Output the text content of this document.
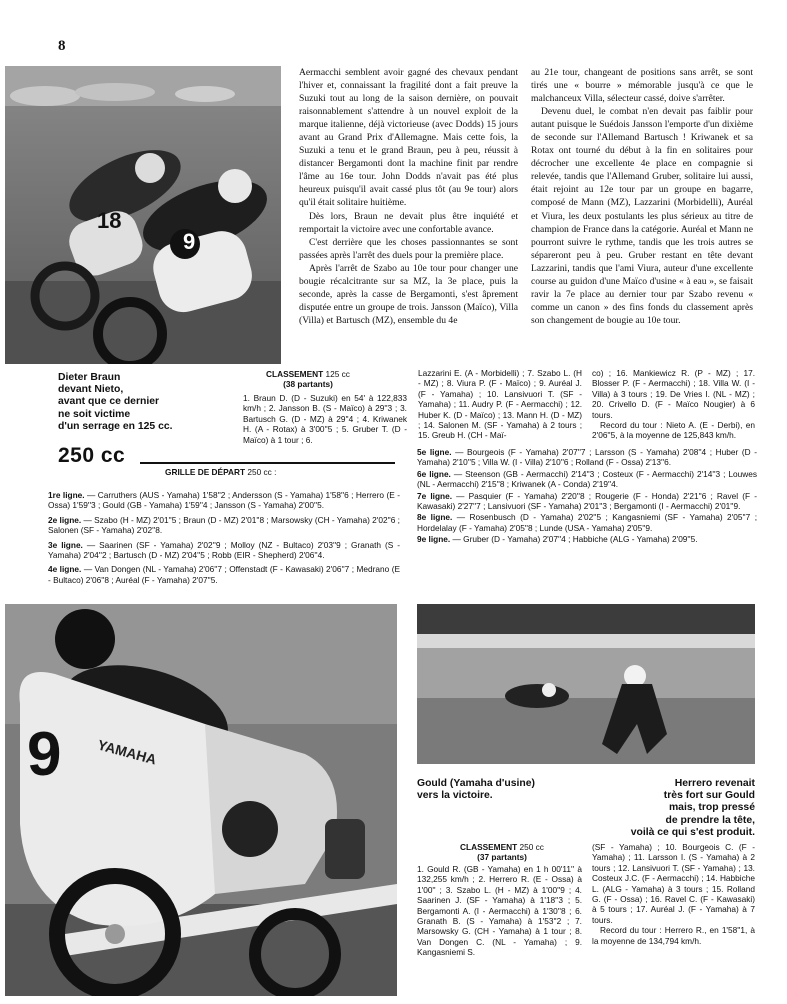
8
18
9

Aermacchi semblent avoir gagné des chevaux pendant l'hiver et, connaissant la fragilité dont a fait preuve la Suzuki tout au long de la saison dernière, on pouvait raisonnablement s'attendre à un nouvel exploit de la marque italienne, déjà victorieuse (avec Dodds) 15 jours avant au Grand Prix d'Allemagne. Mais cette fois, la Suzuki a tenu et le grand Braun, peu à peu, réussit à distancer Bergamonti dont la machine finit par rendre l'âme au 16e tour. John Dodds n'avait pas été plus heureux puisqu'il avait cassé plus tôt (au 9e tour) alors qu'il était solitaire huitième.

Dès lors, Braun ne devait plus être inquiété et remportait la victoire avec une confortable avance.

C'est derrière que les choses passionnantes se sont passées après l'arrêt des duels pour la première place.

Après l'arrêt de Szabo au 10e tour pour changer une bougie récalcitrante sur sa MZ, la 3e place, puis la seconde, après la casse de Bergamonti, s'est âprement disputée entre un groupe de trois. Jansson (Maïco), Villa (Villa) et Bartusch (MZ), ensemble du 4e

au 21e tour, changeant de positions sans arrêt, se sont tirés une « bourre » mémorable jusqu'à ce que le malchanceux Villa, sélecteur cassé, doive s'arrêter.

Devenu duel, le combat n'en devait pas faiblir pour autant puisque le Suédois Jansson l'emporte d'un dixième de seconde sur l'Allemand Bartusch ! Kriwanek et sa Rotax ont tourné du début à la fin en solitaires pour décrocher une excellente 4e place en compagnie si relevée, tandis que l'Allemand Gruber, solitaire lui aussi, était rejoint au 12e tour par un groupe en bagarre, composé de Mann (MZ), Lazzarini (Morbidelli), Auréal et Viura, les deux postulants les plus sérieux au titre de champion de France dans la catégorie. Auréal et Mann ne pourront suivre le rythme, tandis que les trois autres se sépareront peu à peu. Gruber restant en tête devant Lazzarini, tandis que l'ami Viura, auteur d'une excellente course au guidon d'une Maïco d'usine « à eau », se faisait ravir la 7e place au dernier tour par Szabo revenu « comme un canon » des fins fonds du classement après son changement de bougie au 10e tour.

Dieter Braun
devant Nieto,
avant que ce dernier
ne soit victime
d'un serrage en 125 cc.
CLASSEMENT 125 cc
(38 partants)
1. Braun D. (D - Suzuki) en 54' à 122,833 km/h ; 2. Jansson B. (S - Maïco) à 29''3 ; 3. Bartusch G. (D - MZ) à 29''4 ; 4. Kriwanek H. (A - Rotax) à 3'00''5 ; 5. Gruber T. (D - Maïco) à 1 tour ; 6.
Lazzarini E. (A - Morbidelli) ; 7. Szabo L. (H - MZ) ; 8. Viura P. (F - Maïco) ; 9. Auréal J. (F - Yamaha) ; 10. Lansivuori T. (SF - Yamaha) ; 11. Audry P. (F - Aermacchi) ; 12. Huber K. (D - Maïco) ; 13. Mann H. (D - MZ) ; 14. Salonen M. (SF - Yamaha) à 2 tours ; 15. Greub H. (CH - Maï-

co) ; 16. Mankiewicz R. (P - MZ) ; 17. Blosser P. (F - Aermacchi) ; 18. Villa W. (I - Villa) à 3 tours ; 19. De Vries I. (NL - MZ) ; 20. Crivello D. (F - Maïco Nougier) à 6 tours.

Record du tour : Nieto A. (E - Derbi), en 2'06''5, à la moyenne de 125,843 km/h.

250 cc
GRILLE DE DÉPART 250 cc :

1re ligne. — Carruthers (AUS - Yamaha) 1'58''2 ; Andersson (S - Yamaha) 1'58''6 ; Herrero (E - Ossa) 1'59''3 ; Gould (GB - Yamaha) 1'59''4 ; Jansson (S - Yamaha) 2'00''5.

2e ligne. — Szabo (H - MZ) 2'01''5 ; Braun (D - MZ) 2'01''8 ; Marsowsky (CH - Yamaha) 2'02''6 ; Salonen (SF - Yamaha) 2'02''8.

3e ligne. — Saarinen (SF - Yamaha) 2'02''9 ; Molloy (NZ - Bultaco) 2'03''9 ; Granath (S - Yamaha) 2'04''2 ; Bartusch (D - MZ) 2'04''5 ; Robb (EIR - Shepherd) 2'06''4.

4e ligne. — Van Dongen (NL - Yamaha) 2'06''7 ; Offenstadt (F - Kawasaki) 2'06''7 ; Medrano (E - Bultaco) 2'06''8 ; Auréal (F - Yamaha) 2'07''5.

5e ligne. — Bourgeois (F - Yamaha) 2'07''7 ; Larsson (S - Yamaha) 2'08''4 ; Huber (D - Yamaha) 2'10''5 ; Villa W. (I - Villa) 2'10''6 ; Rolland (F - Ossa) 2'13''6.

6e ligne. — Steenson (GB - Aermacchi) 2'14''3 ; Costeux (F - Aermacchi) 2'14''3 ; Louwes (NL - Aermacchi) 2'15''8 ; Kriwanek (A - Conda) 2'19''4.

7e ligne. — Pasquier (F - Yamaha) 2'20''8 ; Rougerie (F - Honda) 2'21''6 ; Ravel (F - Kawasaki) 2'27''7 ; Lansivuori (SF - Yamaha) 2'01''3 ; Bergamonti (I - Aermacchi) 2'01''9.

8e ligne. — Rosenbusch (D - Yamaha) 2'02''5 ; Kangasniemi (SF - Yamaha) 2'05''7 ; Hordelalay (F - Yamaha) 2'05''8 ; Lunde (USA - Yamaha) 2'05''9.

9e ligne. — Gruber (D - Yamaha) 2'07''4 ; Habbiche (ALG - Yamaha) 2'09''5.

9 YAMAHA
Gould (Yamaha d'usine)
vers la victoire.
Herrero revenait
très fort sur Gould
mais, trop pressé
de prendre la tête,
voilà ce qui s'est produit.
CLASSEMENT 250 cc
(37 partants)
1. Gould R. (GB - Yamaha) en 1 h 00'11'' à 132,255 km/h ; 2. Herrero R. (E - Ossa) à 1'00'' ; 3. Szabo L. (H - MZ) à 1'00''9 ; 4. Saarinen J. (SF - Yamaha) à 1'18''3 ; 5. Bergamonti A. (I - Aermacchi) à 1'30''8 ; 6. Granath B. (S - Yamaha) à 1'53''2 ; 7. Marsowsky G. (CH - Yamaha) à 1 tour ; 8. Van Dongen C. (NL - Yamaha) ; 9. Kangasniemi S.

(SF - Yamaha) ; 10. Bourgeois C. (F - Yamaha) ; 11. Larsson I. (S - Yamaha) à 2 tours ; 12. Lansivuori T. (SF - Yamaha) ; 13. Costeux J.C. (F - Aermacchi) ; 14. Habbiche L. (ALG - Yamaha) à 3 tours ; 15. Rolland G. (F - Ossa) ; 16. Ravel C. (F - Kawasaki) à 5 tours ; 17. Auréal J. (F - Yamaha) à 7 tours.

Record du tour : Herrero R., en 1'58''1, à la moyenne de 134,794 km/h.
